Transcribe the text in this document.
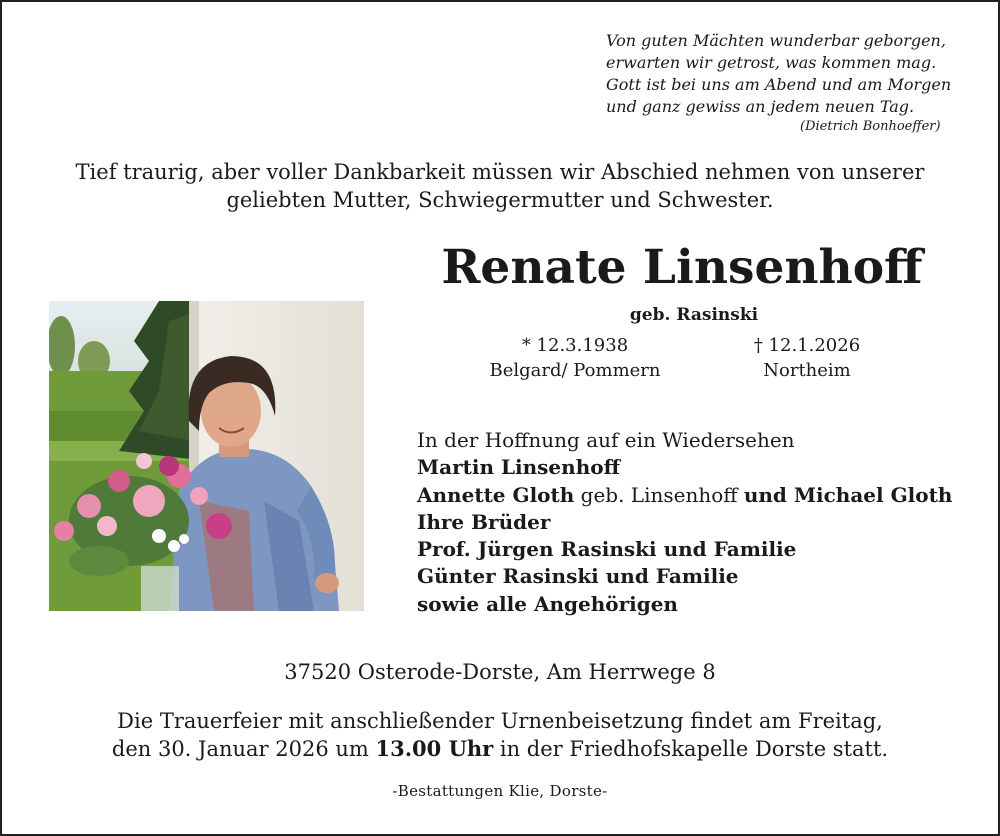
Von guten Mächten wunderbar geborgen,
erwarten wir getrost, was kommen mag.
Gott ist bei uns am Abend und am Morgen
und ganz gewiss an jedem neuen Tag.
(Dietrich Bonhoeffer)
Tief traurig, aber voller Dankbarkeit müssen wir Abschied nehmen von unserer
geliebten Mutter, Schwiegermutter und Schwester.
Renate Linsenhoff
geb. Rasinski
* 12.3.1938
Belgard/ Pommern
† 12.1.2026
Northeim
In der Hoffnung auf ein Wiedersehen
Martin Linsenhoff
Annette Gloth geb. Linsenhoff und Michael Gloth
Ihre Brüder
Prof. Jürgen Rasinski und Familie
Günter Rasinski und Familie
sowie alle Angehörigen
37520 Osterode-Dorste, Am Herrwege 8
Die Trauerfeier mit anschließender Urnenbeisetzung findet am Freitag,
den 30. Januar 2026 um 13.00 Uhr in der Friedhofskapelle Dorste statt.
-Bestattungen Klie, Dorste-
